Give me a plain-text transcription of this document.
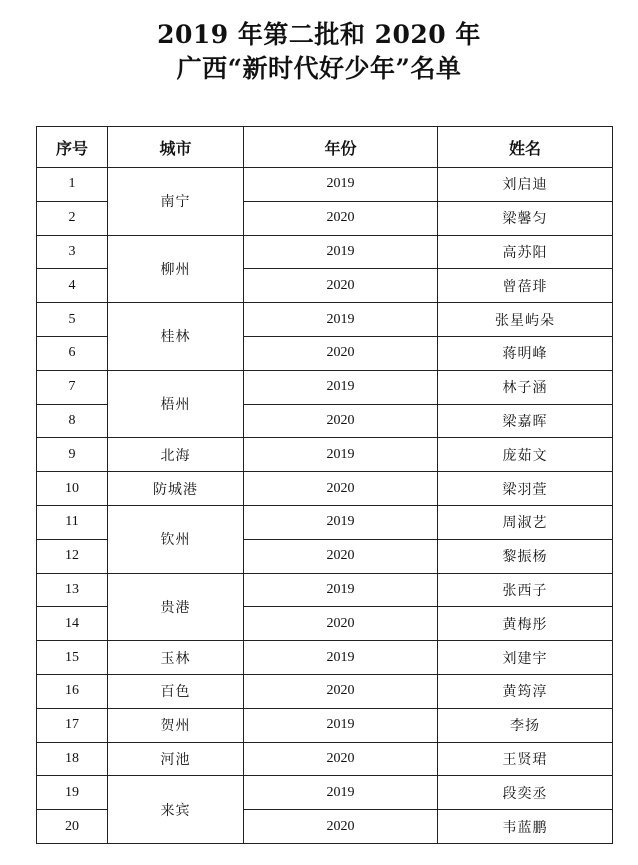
2019 年第二批和 2020 年
广西“新时代好少年”名单
序号	城市	年份	姓名
1	南宁	2019	刘启迪
2		2020	梁馨匀
3	柳州	2019	高苏阳
4		2020	曾蓓琲
5	桂林	2019	张星屿朵
6		2020	蒋明峰
7	梧州	2019	林子涵
8		2020	梁嘉晖
9	北海	2019	庞茹文
10	防城港	2020	梁羽萱
11	钦州	2019	周淑艺
12		2020	黎振杨
13	贵港	2019	张西子
14		2020	黄梅彤
15	玉林	2019	刘建宇
16	百色	2020	黄筠淳
17	贺州	2019	李扬
18	河池	2020	王贤珺
19	来宾	2019	段奕丞
20		2020	韦蓝鹏
